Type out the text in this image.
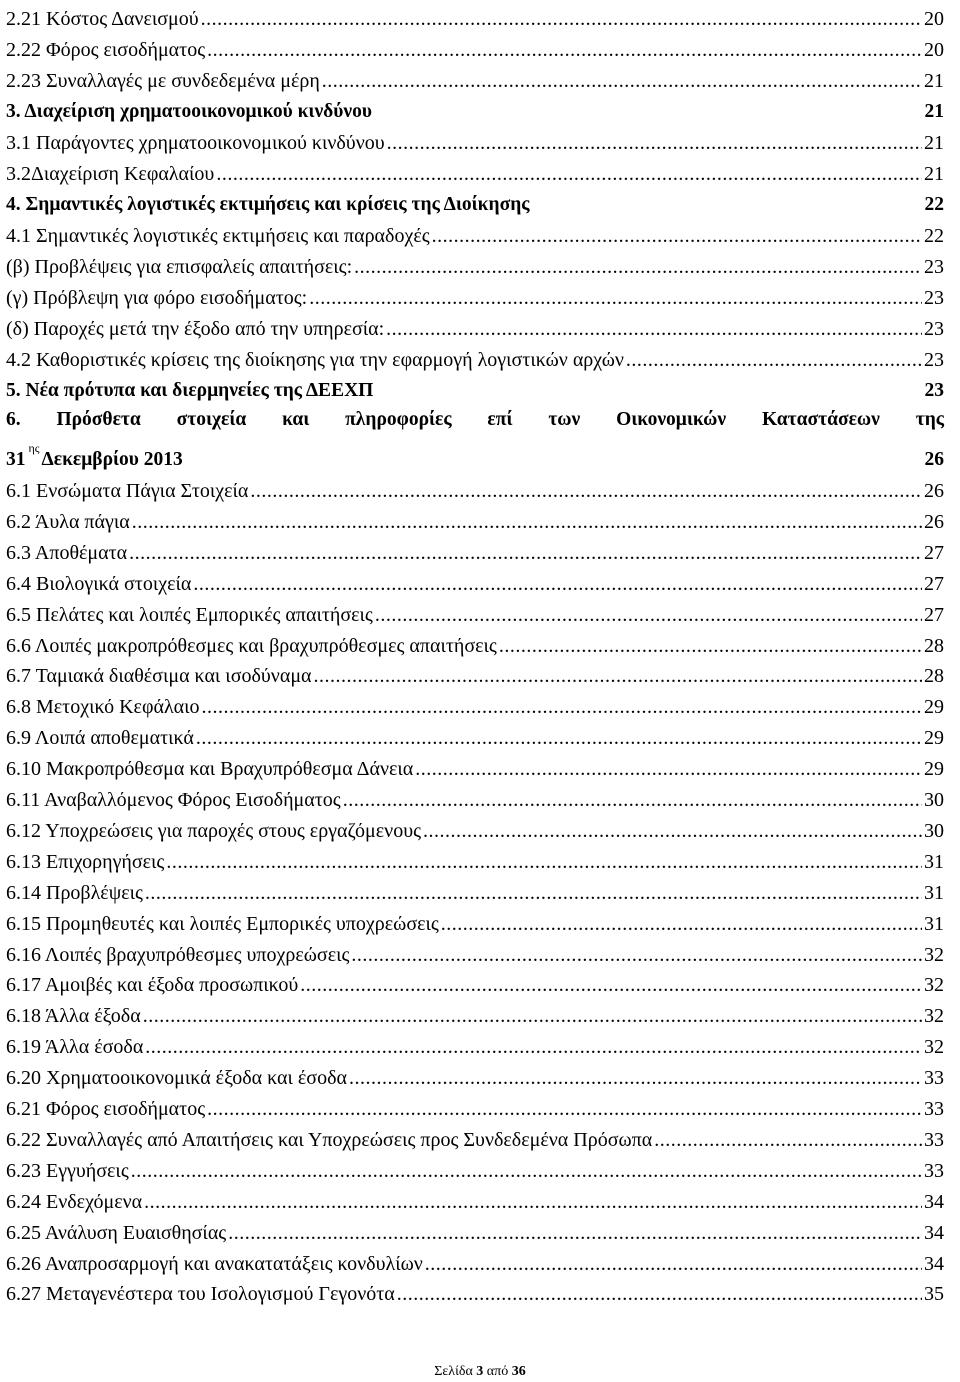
2.21 Κόστος Δανεισμού .....	20
2.22 Φόρος εισοδήματος .....	20
2.23 Συναλλαγές με συνδεδεμένα μέρη .....	21
3. Διαχείριση χρηματοοικονομικού κινδύνου	21
3.1 Παράγοντες χρηματοοικονομικού κινδύνου .....	21
3.2Διαχείριση Κεφαλαίου .....	21
4. Σημαντικές λογιστικές εκτιμήσεις και κρίσεις της Διοίκησης	22
4.1 Σημαντικές λογιστικές εκτιμήσεις και παραδοχές .....	22
(β) Προβλέψεις για επισφαλείς απαιτήσεις: .....	23
(γ) Πρόβλεψη για φόρο εισοδήματος: .....	23
(δ) Παροχές μετά την έξοδο από την υπηρεσία: .....	23
4.2 Καθοριστικές κρίσεις της διοίκησης για την εφαρμογή λογιστικών αρχών .....	23
5. Νέα πρότυπα και διερμηνείες της ΔΕΕΧΠ	23
6. Πρόσθετα στοιχεία και πληροφορίες επί των Οικονομικών Καταστάσεων της
31
$^{\eta\varsigma}$
Δεκεμβρίου 2013	26
6.1 Ενσώματα Πάγια Στοιχεία .....	26
6.2 Άυλα πάγια .....	26
6.3 Αποθέματα .....	27
6.4 Βιολογικά στοιχεία .....	27
6.5 Πελάτες και λοιπές Εμπορικές απαιτήσεις .....	27
6.6 Λοιπές μακροπρόθεσμες και βραχυπρόθεσμες απαιτήσεις .....	28
6.7 Ταμιακά διαθέσιμα και ισοδύναμα .....	28
6.8 Μετοχικό Κεφάλαιο .....	29
6.9 Λοιπά αποθεματικά .....	29
6.10 Μακροπρόθεσμα και Βραχυπρόθεσμα Δάνεια .....	29
6.11 Αναβαλλόμενος Φόρος Εισοδήματος .....	30
6.12 Υποχρεώσεις για παροχές στους εργαζόμενους .....	30
6.13 Επιχορηγήσεις .....	31
6.14 Προβλέψεις .....	31
6.15 Προμηθευτές και λοιπές Εμπορικές υποχρεώσεις .....	31
6.16 Λοιπές βραχυπρόθεσμες υποχρεώσεις .....	32
6.17 Αμοιβές και έξοδα προσωπικού .....	32
6.18 Άλλα έξοδα .....	32
6.19 Άλλα έσοδα .....	32
6.20 Χρηματοοικονομικά έξοδα και έσοδα .....	33
6.21 Φόρος εισοδήματος .....	33
6.22 Συναλλαγές από Απαιτήσεις και Υποχρεώσεις προς Συνδεδεμένα Πρόσωπα .....	33
6.23 Εγγυήσεις .....	33
6.24 Ενδεχόμενα .....	34
6.25 Ανάλυση Ευαισθησίας .....	34
6.26 Αναπροσαρμογή και ανακατατάξεις κονδυλίων .....	34
6.27 Μεταγενέστερα του Ισολογισμού Γεγονότα .....	35
Σελίδα 3 από 36
